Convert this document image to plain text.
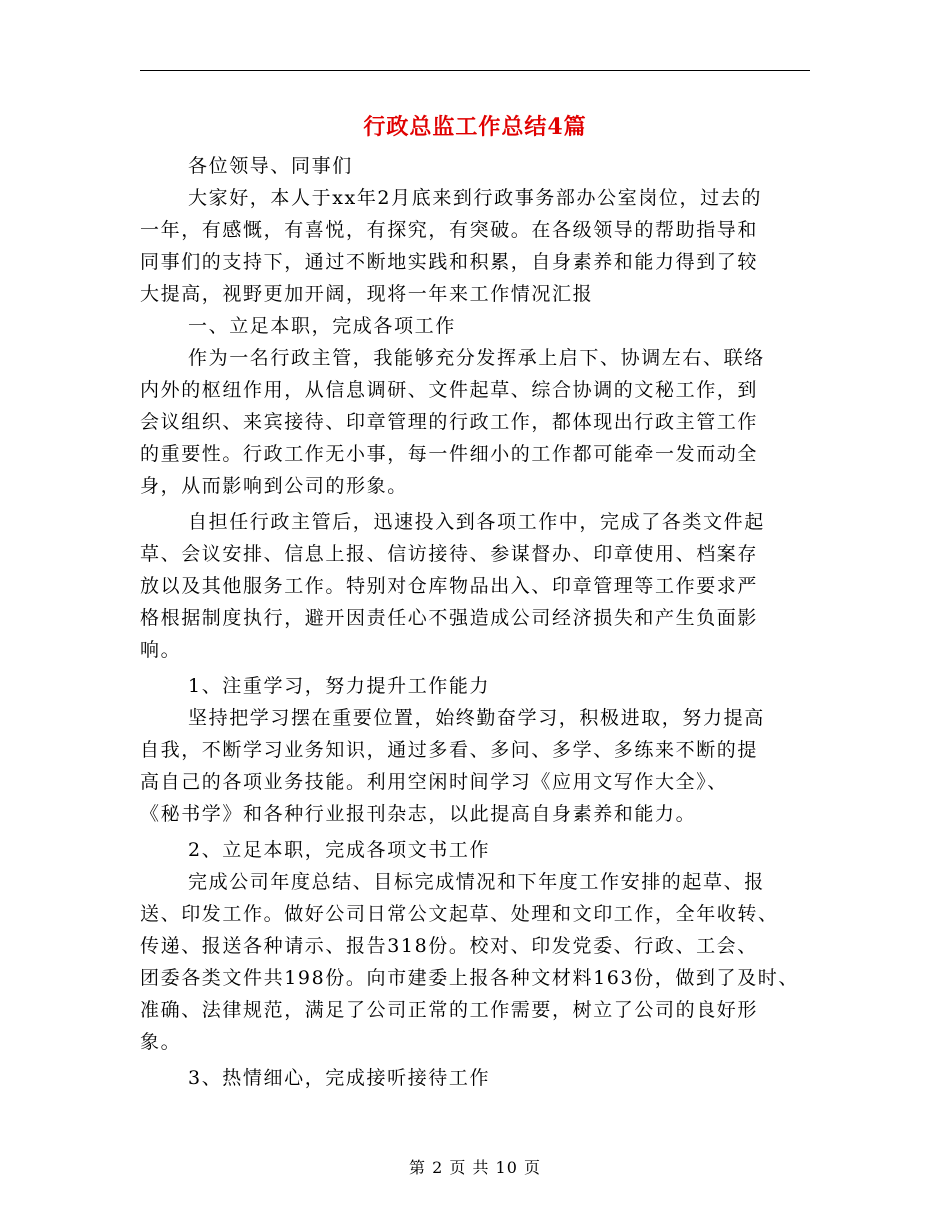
行政总监工作总结4篇
各位领导、同事们
大家好，本人于xx年2月底来到行政事务部办公室岗位，过去的
一年，有感慨，有喜悦，有探究，有突破。在各级领导的帮助指导和
同事们的支持下，通过不断地实践和积累，自身素养和能力得到了较
大提高，视野更加开阔，现将一年来工作情况汇报
一、立足本职，完成各项工作
作为一名行政主管，我能够充分发挥承上启下、协调左右、联络
内外的枢纽作用，从信息调研、文件起草、综合协调的文秘工作，到
会议组织、来宾接待、印章管理的行政工作，都体现出行政主管工作
的重要性。行政工作无小事，每一件细小的工作都可能牵一发而动全
身，从而影响到公司的形象。
自担任行政主管后，迅速投入到各项工作中，完成了各类文件起
草、会议安排、信息上报、信访接待、参谋督办、印章使用、档案存
放以及其他服务工作。特别对仓库物品出入、印章管理等工作要求严
格根据制度执行，避开因责任心不强造成公司经济损失和产生负面影
响。
1、注重学习，努力提升工作能力
坚持把学习摆在重要位置，始终勤奋学习，积极进取，努力提高
自我，不断学习业务知识，通过多看、多问、多学、多练来不断的提
高自己的各项业务技能。利用空闲时间学习《应用文写作大全》、
《秘书学》和各种行业报刊杂志，以此提高自身素养和能力。
2、立足本职，完成各项文书工作
完成公司年度总结、目标完成情况和下年度工作安排的起草、报
送、印发工作。做好公司日常公文起草、处理和文印工作，全年收转、
传递、报送各种请示、报告318份。校对、印发党委、行政、工会、
团委各类文件共198份。向市建委上报各种文材料163份，做到了及时、
准确、法律规范，满足了公司正常的工作需要，树立了公司的良好形
象。
3、热情细心，完成接听接待工作
第 2 页 共 10 页
